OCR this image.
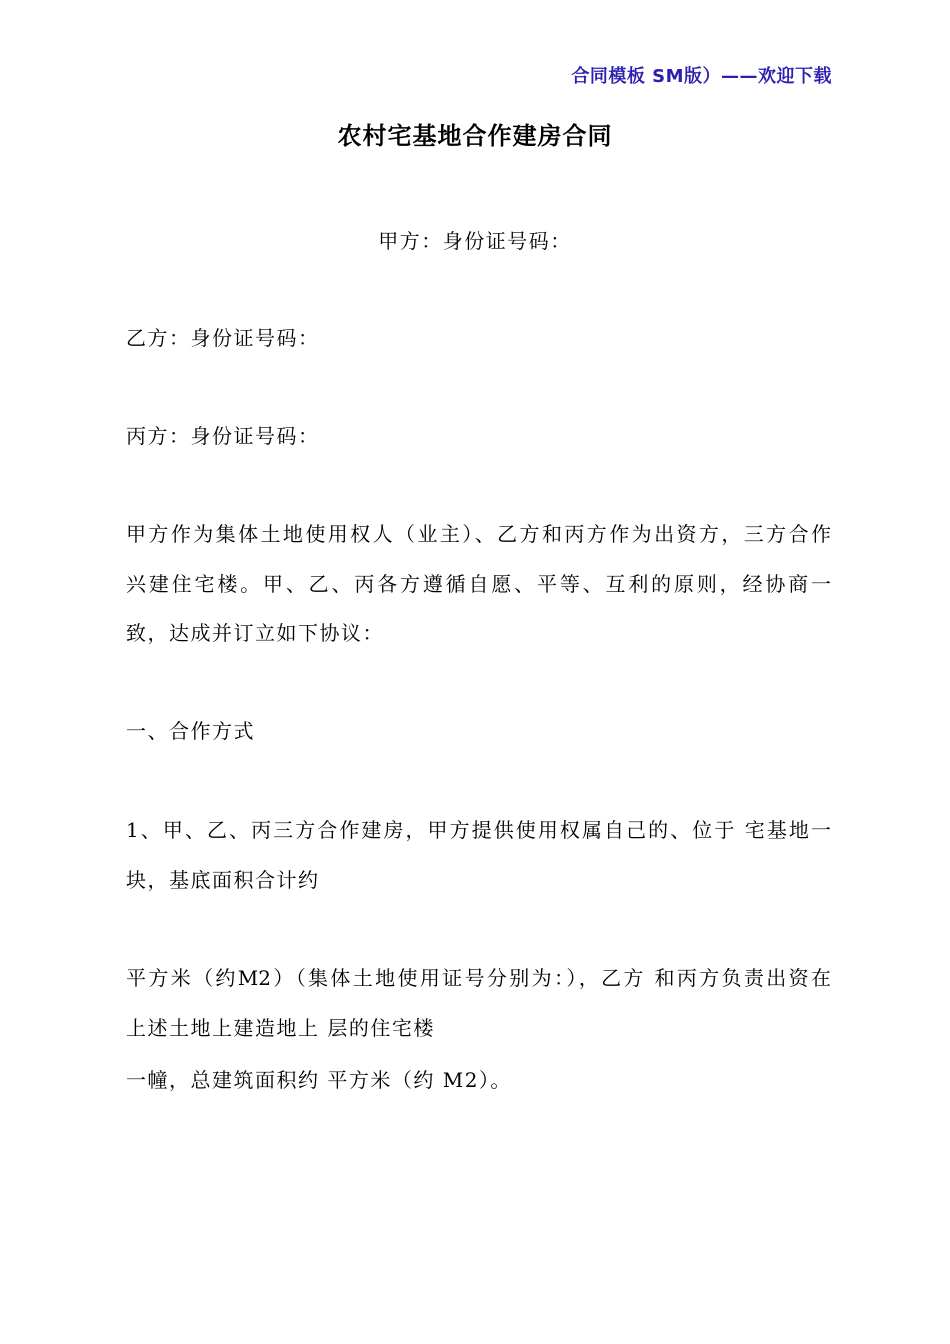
合同模板 SM版）——欢迎下载
农村宅基地合作建房合同
甲方：身份证号码：
乙方：身份证号码：
丙方：身份证号码：
甲方作为集体土地使用权人（业主）、乙方和丙方作为出资方，三方合作
兴建住宅楼。甲、乙、丙各方遵循自愿、平等、互利的原则，经协商一
致，达成并订立如下协议：
一、合作方式
1、甲、乙、丙三方合作建房，甲方提供使用权属自己的、位于 宅基地一
块，基底面积合计约
平方米（约M2）（集体土地使用证号分别为：），乙方 和丙方负责出资在
上述土地上建造地上 层的住宅楼
一幢，总建筑面积约 平方米（约 M2）。
